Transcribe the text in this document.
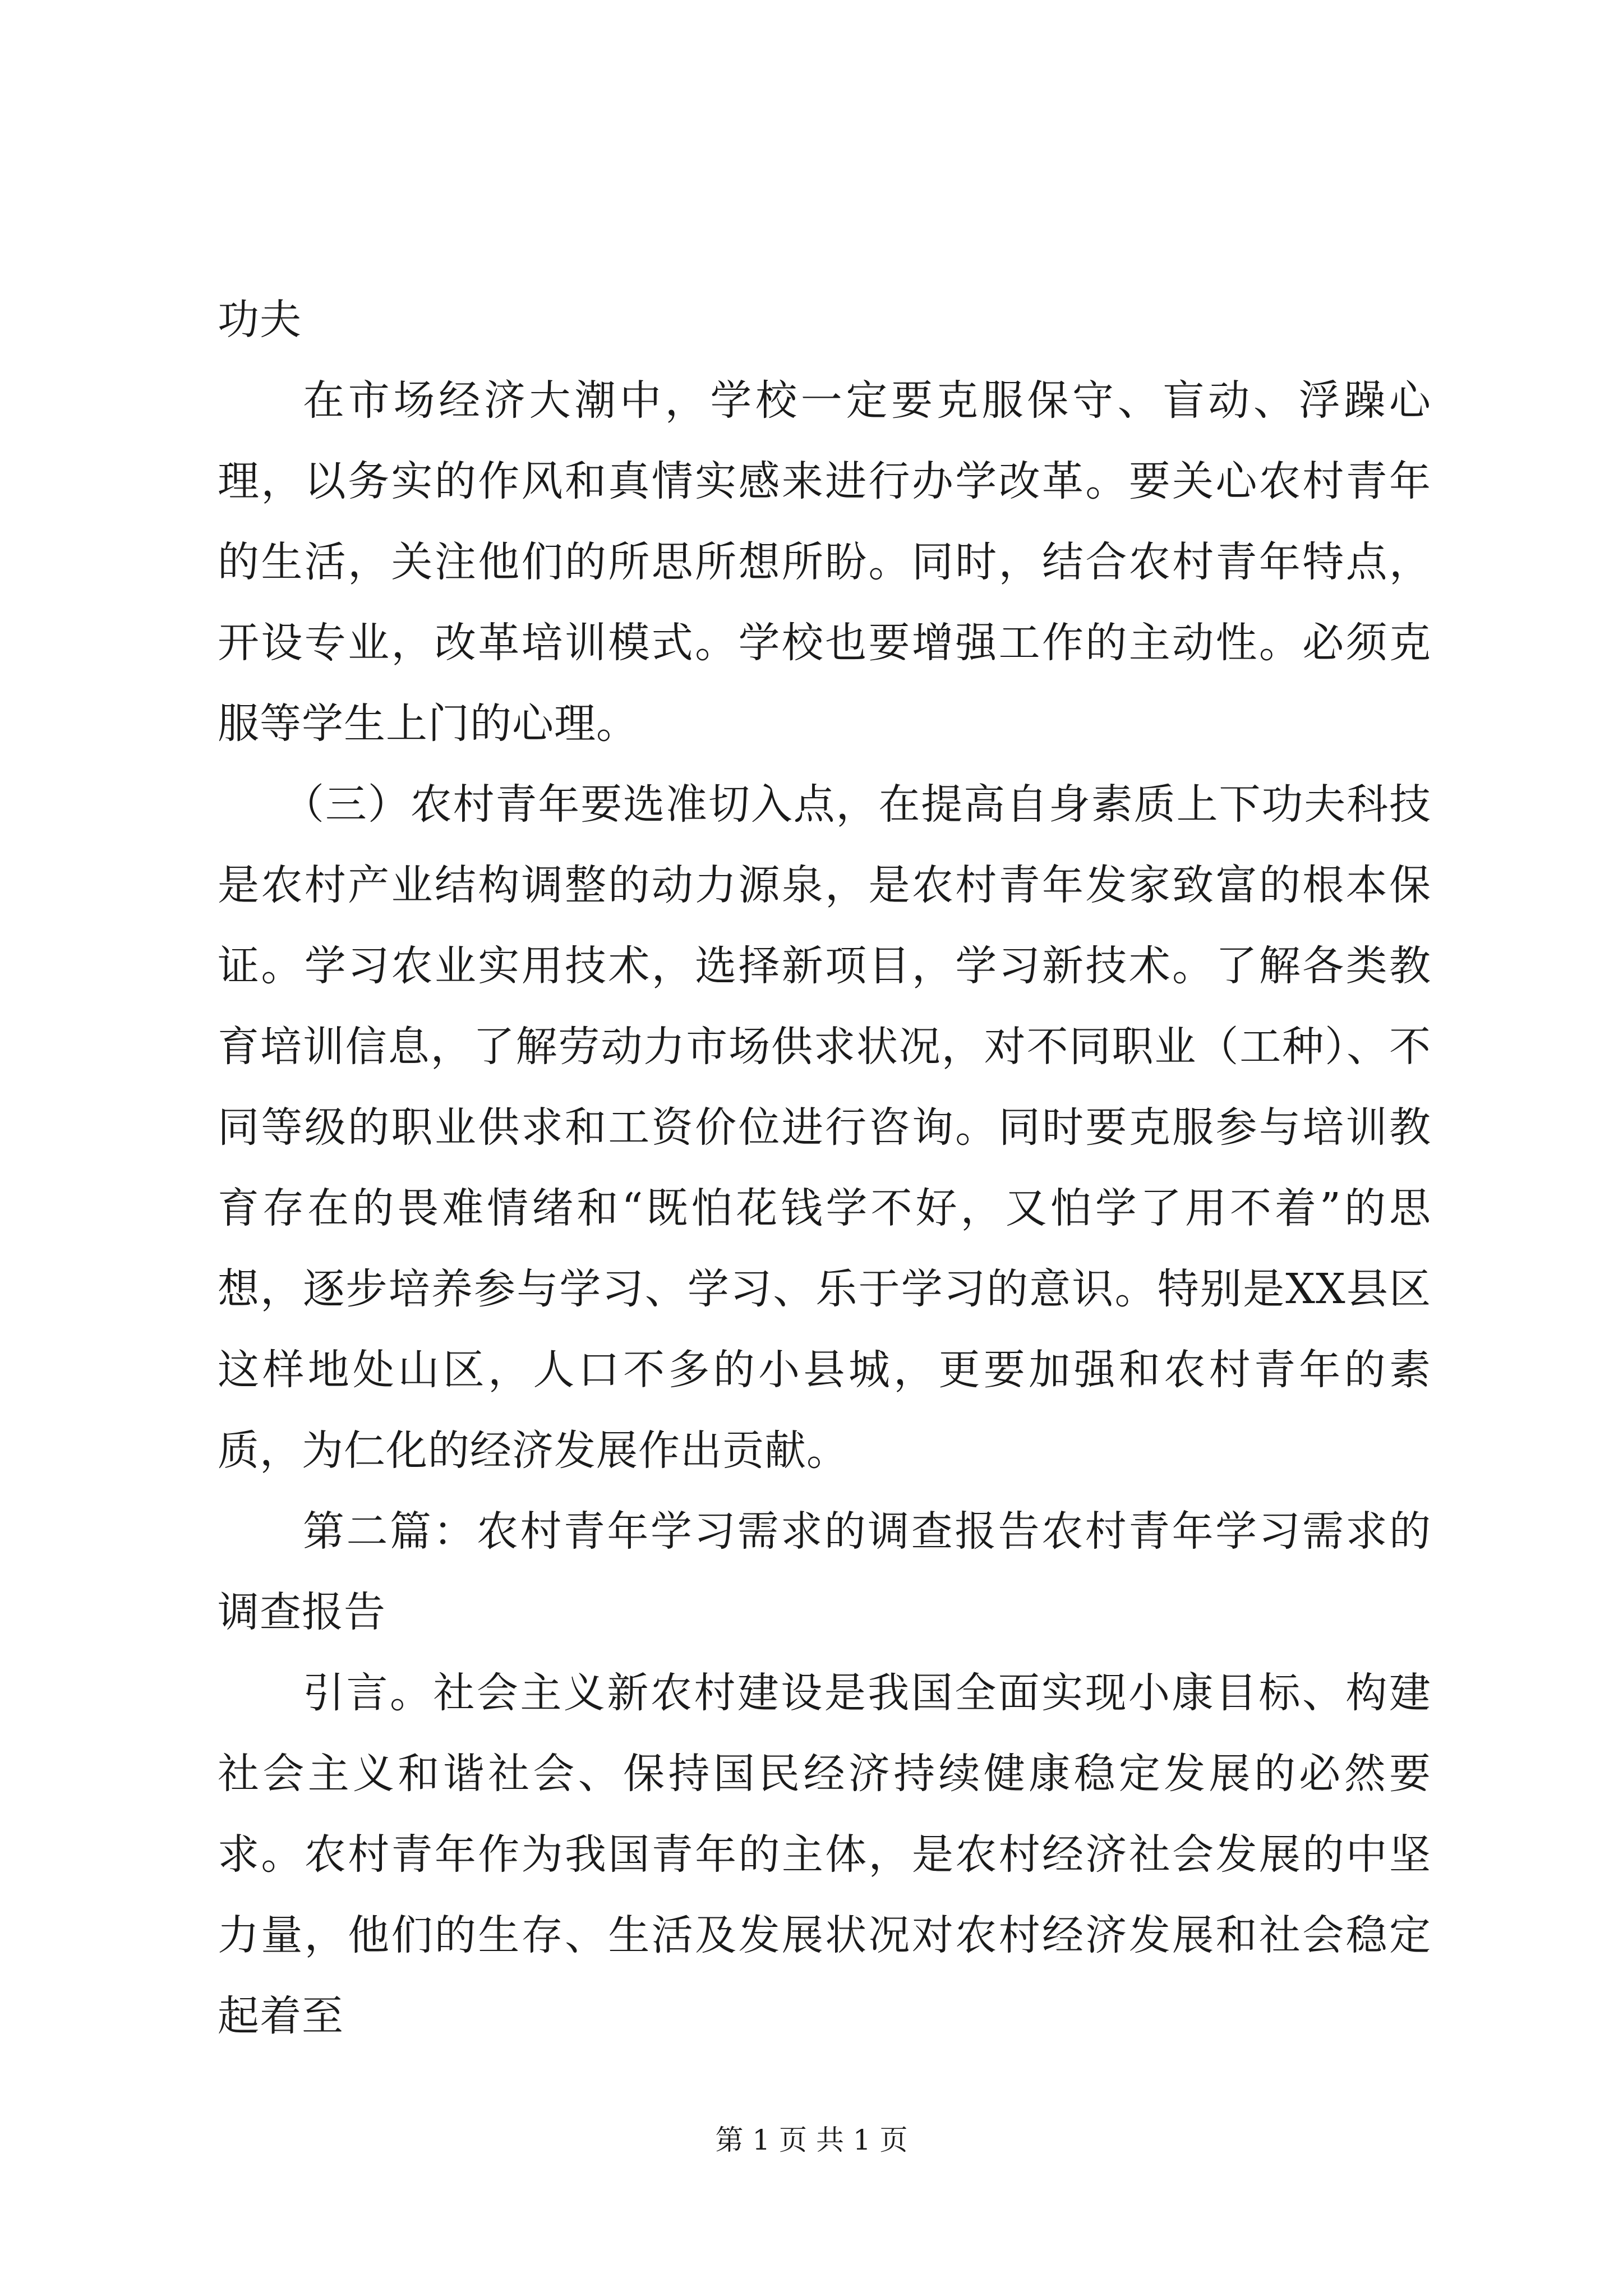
功夫

在市场经济大潮中，学校一定要克服保守、盲动、浮躁心理，以务实的作风和真情实感来进行办学改革。要关心农村青年的生活，关注他们的所思所想所盼。同时，结合农村青年特点，开设专业，改革培训模式。学校也要增强工作的主动性。必须克服等学生上门的心理。

（三）农村青年要选准切入点，在提高自身素质上下功夫科技是农村产业结构调整的动力源泉，是农村青年发家致富的根本保证。学习农业实用技术，选择新项目，学习新技术。了解各类教育培训信息，了解劳动力市场供求状况，对不同职业（工种）、不同等级的职业供求和工资价位进行咨询。同时要克服参与培训教育存在的畏难情绪和“既怕花钱学不好，又怕学了用不着”的思想，逐步培养参与学习、学习、乐于学习的意识。特别是XX县区这样地处山区，人口不多的小县城，更要加强和农村青年的素质，为仁化的经济发展作出贡献。

第二篇：农村青年学习需求的调查报告农村青年学习需求的调查报告

引言。社会主义新农村建设是我国全面实现小康目标、构建社会主义和谐社会、保持国民经济持续健康稳定发展的必然要求。农村青年作为我国青年的主体，是农村经济社会发展的中坚力量，他们的生存、生活及发展状况对农村经济发展和社会稳定起着至

第 1 页 共 1 页
